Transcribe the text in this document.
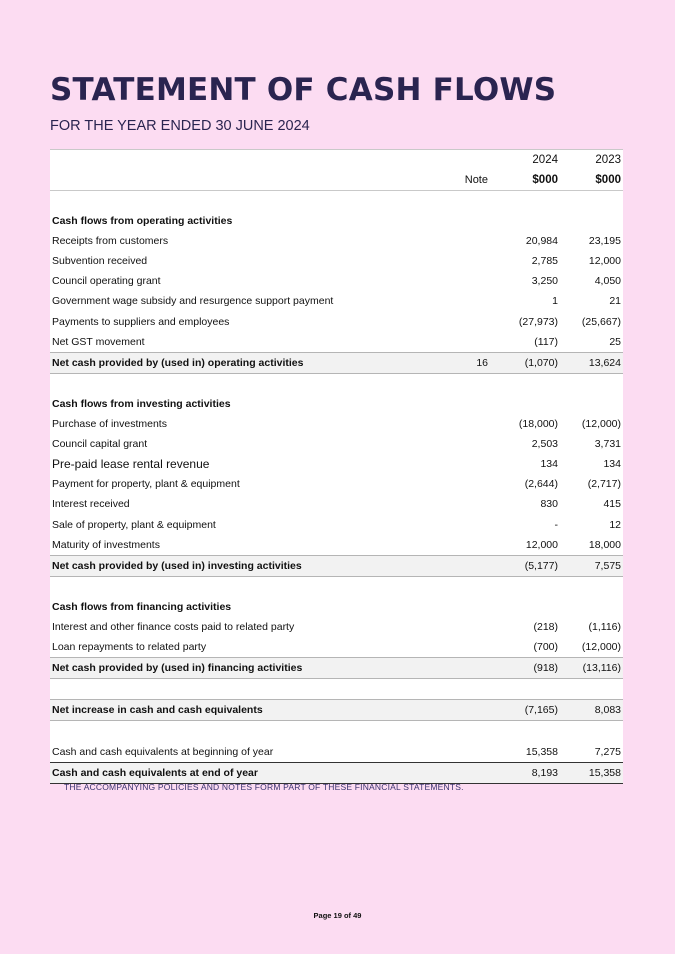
STATEMENT OF CASH FLOWS
FOR THE YEAR ENDED 30 JUNE 2024
2024	2023
Note	$000	$000
Cash flows from operating activities
Receipts from customers	20,984	23,195
Subvention received	2,785	12,000
Council operating grant	3,250	4,050
Government wage subsidy and resurgence support payment	1	21
Payments to suppliers and employees	(27,973)	(25,667)
Net GST movement	(117)	25
Net cash provided by (used in) operating activities	16	(1,070)	13,624
Cash flows from investing activities
Purchase of investments	(18,000)	(12,000)
Council capital grant	2,503	3,731
Pre-paid lease rental revenue	134	134
Payment for property, plant & equipment	(2,644)	(2,717)
Interest received	830	415
Sale of property, plant & equipment	-	12
Maturity of investments	12,000	18,000
Net cash provided by (used in) investing activities	(5,177)	7,575
Cash flows from financing activities
Interest and other finance costs paid to related party	(218)	(1,116)
Loan repayments to related party	(700)	(12,000)
Net cash provided by (used in) financing activities	(918)	(13,116)
Net increase in cash and cash equivalents	(7,165)	8,083
Cash and cash equivalents at beginning of year	15,358	7,275
Cash and cash equivalents at end of year	8,193	15,358
THE ACCOMPANYING POLICIES AND NOTES FORM PART OF THESE FINANCIAL STATEMENTS.
Page 19 of 49
